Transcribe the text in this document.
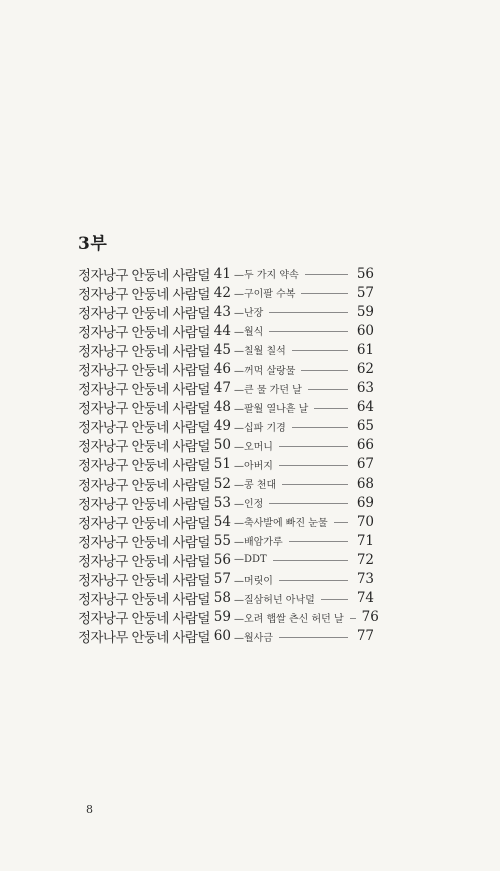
3부
정자낭구 안둥네 사람덜 41 —두 가지 약속	56
정자낭구 안둥네 사람덜 42 —구이팔 수복	57
정자낭구 안둥네 사람덜 43 —난장	59
정자낭구 안둥네 사람덜 44 —월식	60
정자낭구 안둥네 사람덜 45 —칠월 칠석	61
정자낭구 안둥네 사람덜 46 —꺼먹 살랑물	62
정자낭구 안둥네 사람덜 47 —큰 물 가던 날	63
정자낭구 안둥네 사람덜 48 —팔월 열나흗 날	64
정자낭구 안둥네 사람덜 49 —십파 기경	65
정자낭구 안둥네 사람덜 50 —오머니	66
정자낭구 안둥네 사람덜 51 —아버지	67
정자낭구 안둥네 사람덜 52 —콩 천대	68
정자낭구 안둥네 사람덜 53 —인정	69
정자낭구 안둥네 사람덜 54 —축사발에 빠진 눈물 70
정자낭구 안둥네 사람덜 55 —배암가루	71
정자낭구 안둥네 사람덜 56 —DDT	72
정자낭구 안둥네 사람덜 57 —머릿이	73
정자낭구 안둥네 사람덜 58 —질삼허넌 아낙덜	74
정자낭구 안둥네 사람덜 59 —오려 햅쌀 츤신 허던 날 76
정자나무 안둥네 사람덜 60 —월사금	77
8
